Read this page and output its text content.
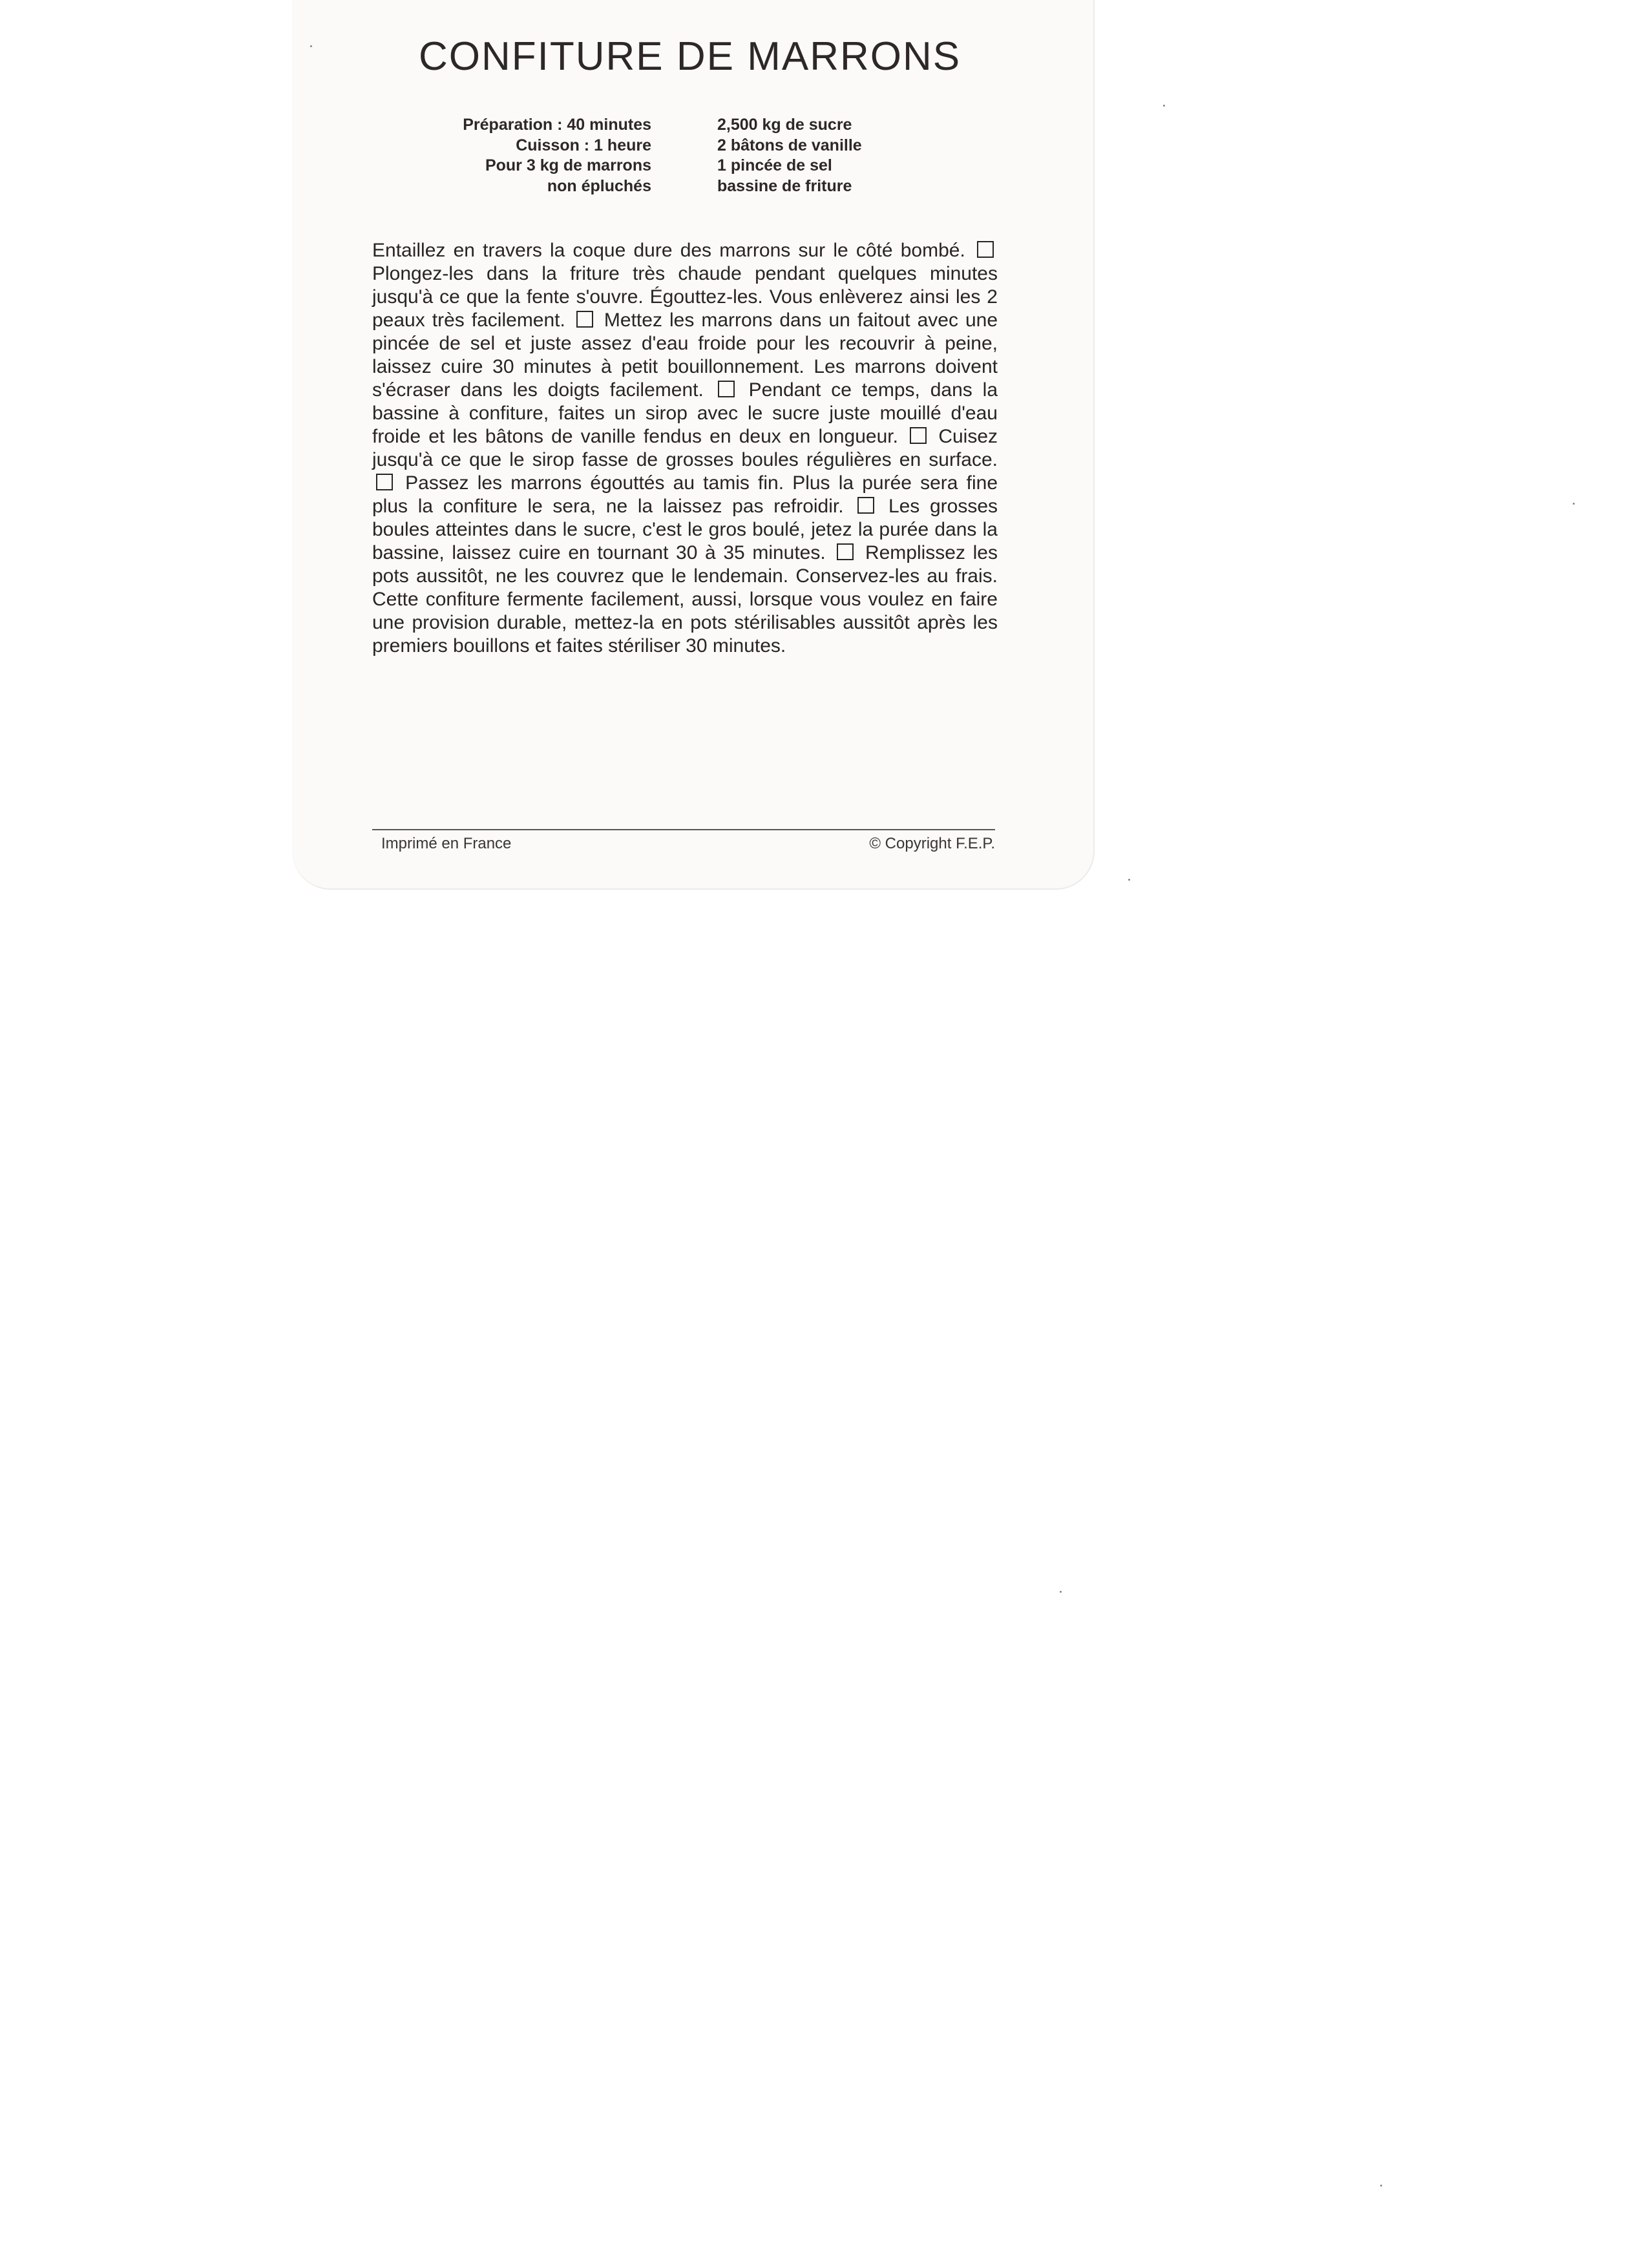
CONFITURE DE MARRONS
Préparation : 40 minutes
Cuisson : 1 heure
Pour 3 kg de marrons
non épluchés
2,500 kg de sucre
2 bâtons de vanille
1 pincée de sel
bassine de friture
Entaillez en travers la coque dure des marrons sur le côté bombé.  Plongez-les dans la friture très chaude pendant quelques minutes jusqu'à ce que la fente s'ouvre. Égouttez-les. Vous enlèverez ainsi les 2 peaux très facilement. Mettez les marrons dans un faitout avec une pincée de sel et juste assez d'eau froide pour les recouvrir à peine, laissez cuire 30 minutes à petit bouillonnement. Les marrons doivent s'écraser dans les doigts facilement. Pendant ce temps, dans la bassine à confiture, faites un sirop avec le sucre juste mouillé d'eau froide et les bâtons de vanille fendus en deux en longueur. Cuisez jusqu'à ce que le sirop fasse de grosses boules régulières en surface.  Passez les marrons égouttés au tamis fin. Plus la purée sera fine plus la confiture le sera, ne la laissez pas refroidir. Les grosses boules atteintes dans le sucre, c'est le gros boulé, jetez la purée dans la bassine, laissez cuire en tournant 30 à 35 minutes. Remplissez les pots aussitôt, ne les couvrez que le lendemain. Conservez-les au frais. Cette confiture fermente facilement, aussi, lorsque vous voulez en faire une provision durable, mettez-la en pots stérilisables aussitôt après les premiers bouillons et faites stériliser 30 minutes.
Imprimé en France	© Copyright F.E.P.
